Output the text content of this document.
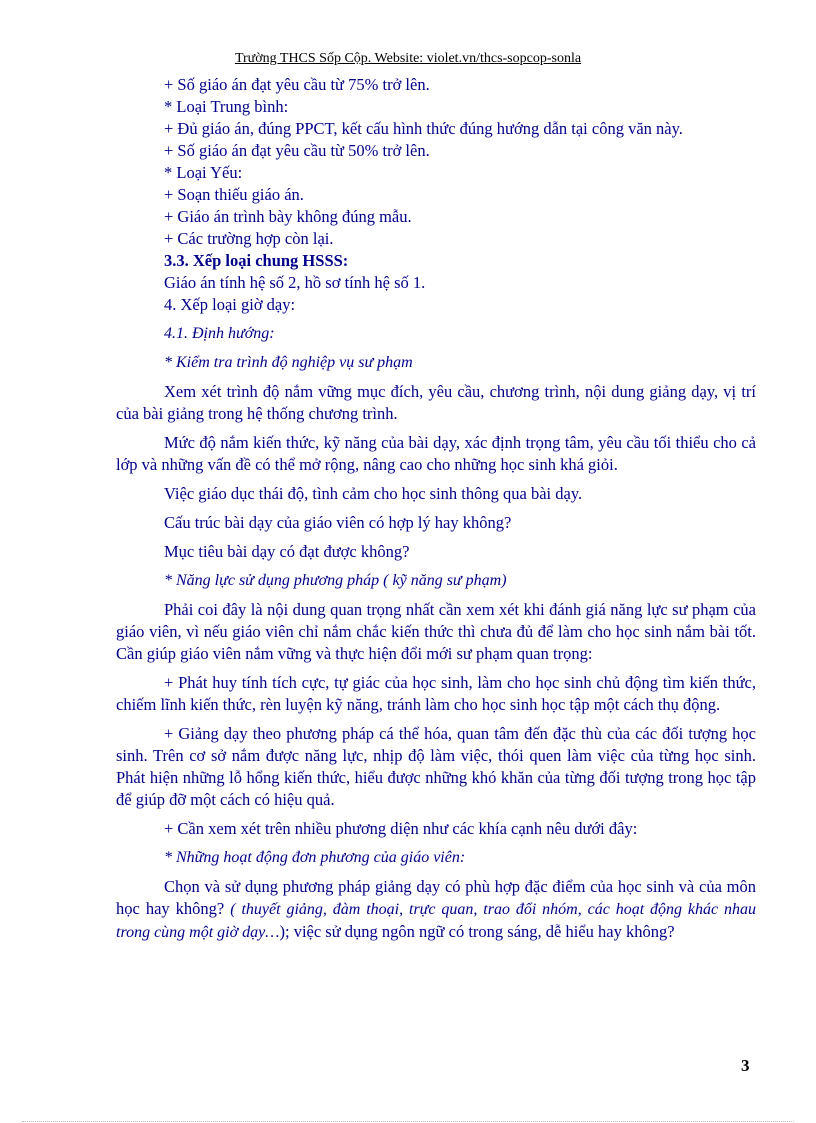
Trường THCS Sốp Cộp. Website: violet.vn/thcs-sopcop-sonla

+ Số giáo án đạt yêu cầu từ 75% trở lên.

* Loại Trung bình:

+ Đủ giáo án, đúng PPCT, kết cấu hình thức đúng hướng dẫn tại công văn này.

+ Số giáo án đạt yêu cầu từ 50% trở lên.

* Loại Yếu:

+ Soạn thiếu giáo án.

+ Giáo án trình bày không đúng mẫu.

+ Các trường hợp còn lại.

3.3. Xếp loại chung HSSS:

Giáo án tính hệ số 2, hồ sơ tính hệ số 1.

4. Xếp loại giờ dạy:

4.1. Định hướng:

* Kiểm tra trình độ nghiệp vụ sư phạm

Xem xét trình độ nắm vững mục đích, yêu cầu, chương trình, nội dung giảng dạy, vị trí của bài giảng trong hệ thống chương trình.

Mức độ nắm kiến thức, kỹ năng của bài dạy, xác định trọng tâm, yêu cầu tối thiểu cho cả lớp và những vấn đề có thể mở rộng, nâng cao cho những học sinh khá giỏi.

Việc giáo dục thái độ, tình cảm cho học sinh thông qua bài dạy.

Cấu trúc bài dạy của giáo viên có hợp lý hay không?

Mục tiêu bài dạy có đạt được không?

* Năng lực sử dụng phương pháp ( kỹ năng sư phạm)

Phải coi đây là nội dung quan trọng nhất cần xem xét khi đánh giá năng lực sư phạm của giáo viên, vì nếu giáo viên chỉ nắm chắc kiến thức thì chưa đủ để làm cho học sinh nắm bài tốt. Cần giúp giáo viên nắm vững và thực hiện đổi mới sư phạm quan trọng:

+ Phát huy tính tích cực, tự giác của học sinh, làm cho học sinh chủ động tìm kiến thức, chiếm lĩnh kiến thức, rèn luyện kỹ năng, tránh làm cho học sinh học tập một cách thụ động.

+ Giảng dạy theo phương pháp cá thể hóa, quan tâm đến đặc thù của các đối tượng học sinh. Trên cơ sở nắm được năng lực, nhịp độ làm việc, thói quen làm việc của từng học sinh. Phát hiện những lỗ hổng kiến thức, hiểu được những khó khăn của từng đối tượng trong học tập để giúp đỡ một cách có hiệu quả.

+ Cần xem xét trên nhiều phương diện như các khía cạnh nêu dưới đây:

* Những hoạt động đơn phương của giáo viên:

Chọn và sử dụng phương pháp giảng dạy có phù hợp đặc điểm của học sinh và của môn học hay không? ( thuyết giảng, đàm thoại, trực quan, trao đổi nhóm, các hoạt động khác nhau trong cùng một giờ dạy…); việc sử dụng ngôn ngữ có trong sáng, dễ hiểu hay không?

3
